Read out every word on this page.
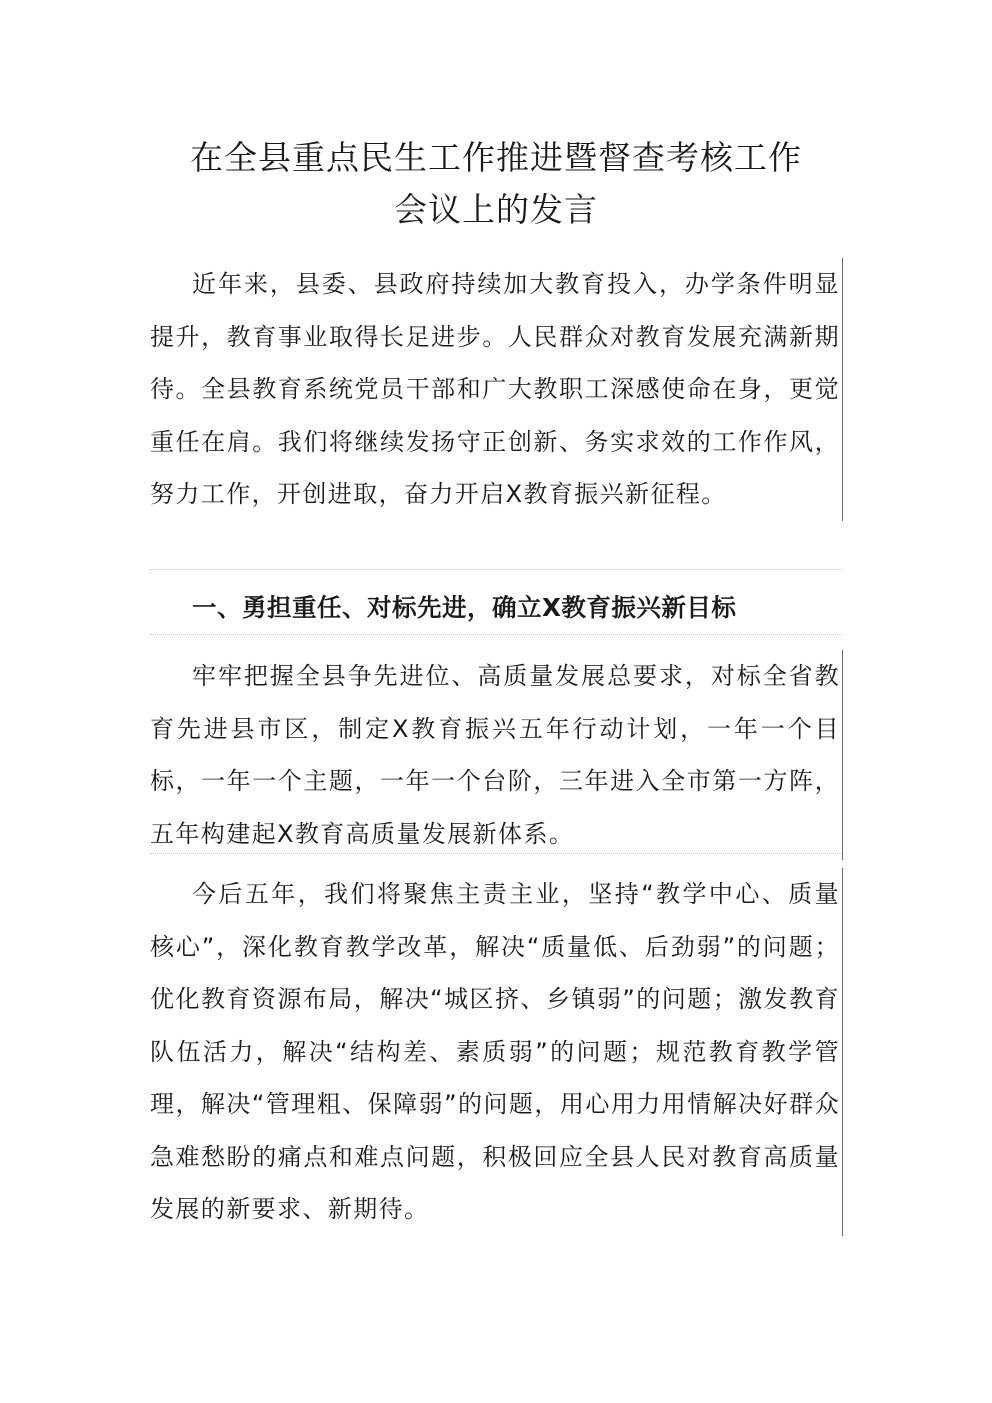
在全县重点民生工作推进暨督查考核工作
会议上的发言

近年来，县委、县政府持续加大教育投入，办学条件明显提升，教育事业取得长足进步。人民群众对教育发展充满新期待。全县教育系统党员干部和广大教职工深感使命在身，更觉重任在肩。我们将继续发扬守正创新、务实求效的工作作风，努力工作，开创进取，奋力开启X教育振兴新征程。

一、勇担重任、对标先进，确立X教育振兴新目标

牢牢把握全县争先进位、高质量发展总要求，对标全省教育先进县市区，制定X教育振兴五年行动计划，一年一个目标，一年一个主题，一年一个台阶，三年进入全市第一方阵，五年构建起X教育高质量发展新体系。

今后五年，我们将聚焦主责主业，坚持“教学中心、质量核心”，深化教育教学改革，解决“质量低、后劲弱”的问题；优化教育资源布局，解决“城区挤、乡镇弱”的问题；激发教育队伍活力，解决“结构差、素质弱”的问题；规范教育教学管理，解决“管理粗、保障弱”的问题，用心用力用情解决好群众急难愁盼的痛点和难点问题，积极回应全县人民对教育高质量发展的新要求、新期待。
